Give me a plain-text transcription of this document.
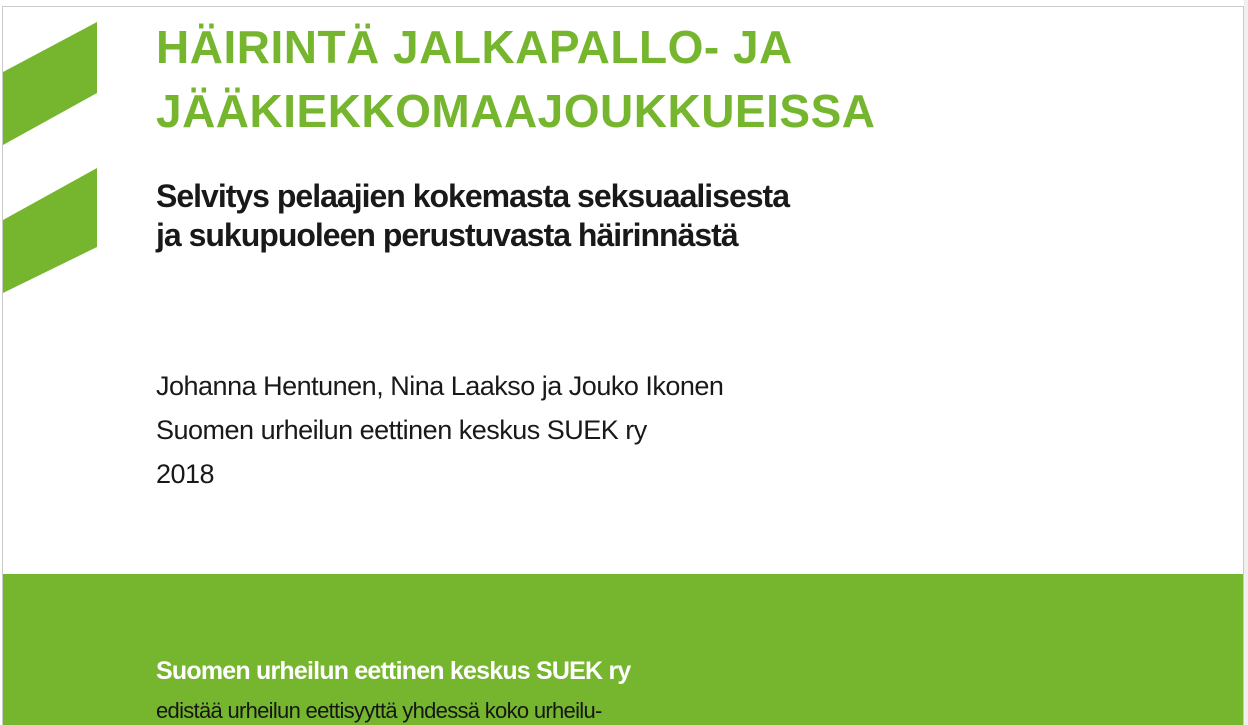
HÄIRINTÄ JALKAPALLO- JA
JÄÄKIEKKOMAAJOUKKUEISSA
Selvitys pelaajien kokemasta seksuaalisesta
ja sukupuoleen perustuvasta häirinnästä
Johanna Hentunen, Nina Laakso ja Jouko Ikonen
Suomen urheilun eettinen keskus SUEK ry
2018
Suomen urheilun eettinen keskus SUEK ry
edistää urheilun eettisyyttä yhdessä koko urheilu-
